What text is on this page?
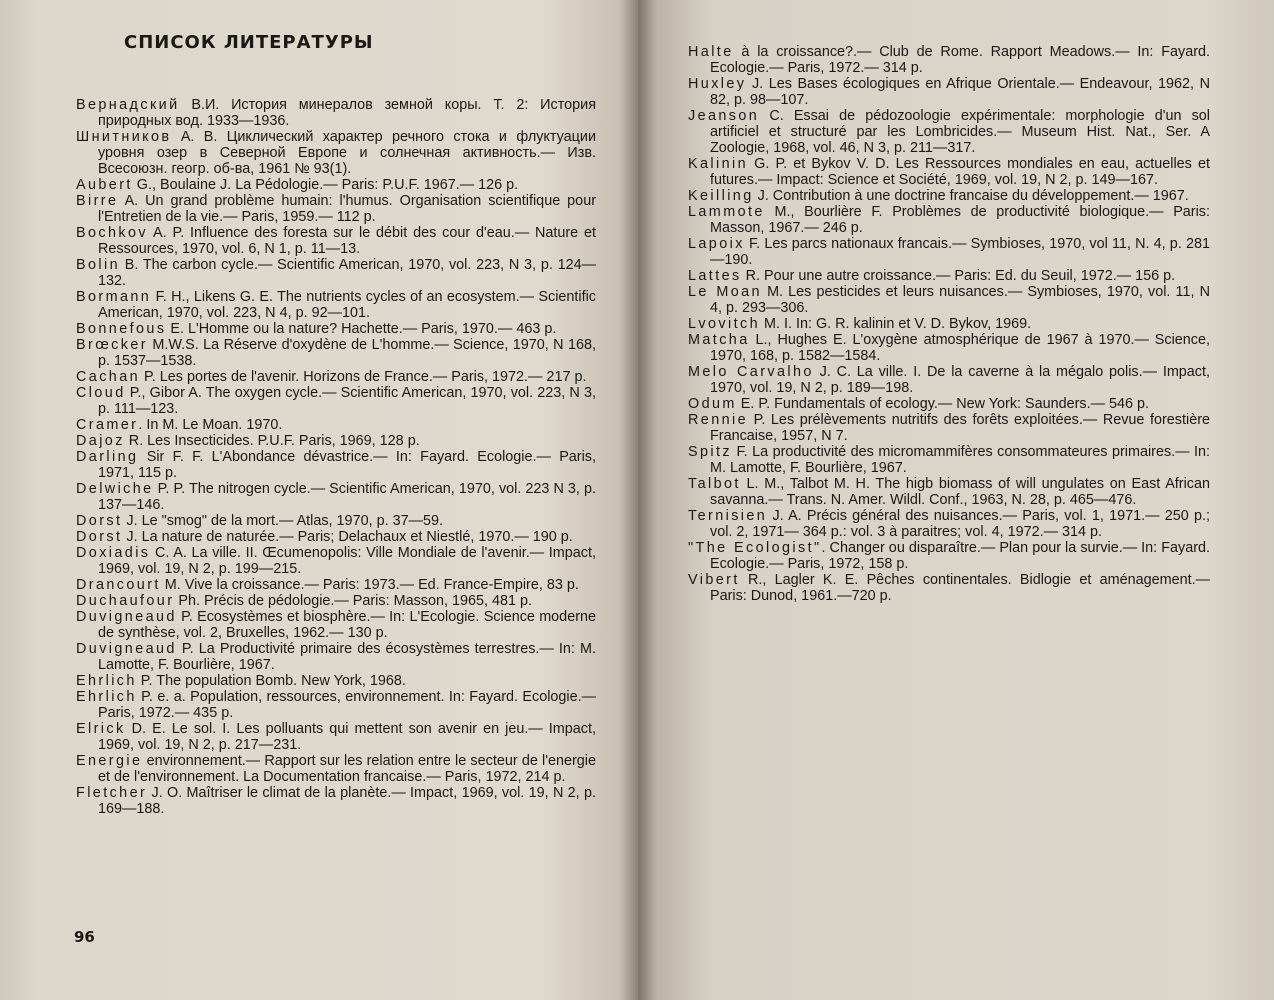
СПИСОК ЛИТЕРАТУРЫ
Вернадский В.И. История минералов земной коры. Т. 2: История природных вод. 1933—1936.
Шнитников А. В. Циклический характер речного стока и флуктуации уровня озер в Северной Европе и солнечная активность.— Изв. Всесоюзн. геогр. об-ва, 1961 № 93(1).
Aubert G., Boulaine J. La Pédologie.— Paris: P.U.F. 1967.— 126 p.
Birre A. Un grand problème humain: l'humus. Organisation scientifique pour l'Entretien de la vie.— Paris, 1959.— 112 p.
Bochkov A. P. Influence des foresta sur le débit des cour d'eau.— Nature et Ressources, 1970, vol. 6, N 1, p. 11—13.
Bolin B. The carbon cycle.— Scientific American, 1970, vol. 223, N 3, p. 124—132.
Bormann F. H., Likens G. E. The nutrients cycles of an ecosystem.— Scientific American, 1970, vol. 223, N 4, p. 92—101.
Bonnefous E. L'Homme ou la nature? Hachette.— Paris, 1970.— 463 p.
Brœcker M.W.S. La Réserve d'oxydène de L'homme.— Science, 1970, N 168, p. 1537—1538.
Cachan P. Les portes de l'avenir. Horizons de France.— Paris, 1972.— 217 p.
Cloud P., Gibor A. The oxygen cycle.— Scientific American, 1970, vol. 223, N 3, p. 111—123.
Cramer. In M. Le Moan. 1970.
Dajoz R. Les Insecticides. P.U.F. Paris, 1969, 128 p.
Darling Sir F. F. L'Abondance dévastrice.— In: Fayard. Ecologie.— Paris, 1971, 115 p.
Delwiche P. P. The nitrogen cycle.— Scientific American, 1970, vol. 223 N 3, p. 137—146.
Dorst J. Le "smog" de la mort.— Atlas, 1970, p. 37—59.
Dorst J. La nature de naturée.— Paris; Delachaux et Niestlé, 1970.— 190 p.
Doxiadis C. A. La ville. II. Œcumenopolis: Ville Mondiale de l'avenir.— Impact, 1969, vol. 19, N 2, p. 199—215.
Drancourt M. Vive la croissance.— Paris: 1973.— Ed. France-Empire, 83 p.
Duchaufour Ph. Précis de pédologie.— Paris: Masson, 1965, 481 p.
Duvigneaud P. Ecosystèmes et biosphère.— In: L'Ecologie. Science moderne de synthèse, vol. 2, Bruxelles, 1962.— 130 p.
Duvigneaud P. La Productivité primaire des écosystèmes terrestres.— In: M. Lamotte, F. Bourlière, 1967.
Ehrlich P. The population Bomb. New York, 1968.
Ehrlich P. e. a. Population, ressources, environnement. In: Fayard. Ecologie.— Paris, 1972.— 435 p.
Elrick D. E. Le sol. I. Les polluants qui mettent son avenir en jeu.— Impact, 1969, vol. 19, N 2, p. 217—231.
Energie environnement.— Rapport sur les relation entre le secteur de l'energie et de l'environnement. La Documentation francaise.— Paris, 1972, 214 p.
Fletcher J. O. Maîtriser le climat de la planète.— Impact, 1969, vol. 19, N 2, p. 169—188.
96
Halte à la croissance?.— Club de Rome. Rapport Meadows.— In: Fayard. Ecologie.— Paris, 1972.— 314 p.
Huxley J. Les Bases écologiques en Afrique Orientale.— Endeavour, 1962, N 82, p. 98—107.
Jeanson C. Essai de pédozoologie expérimentale: morphologie d'un sol artificiel et structuré par les Lombricides.— Museum Hist. Nat., Ser. A Zoologie, 1968, vol. 46, N 3, p. 211—317.
Kalinin G. P. et Bykov V. D. Les Ressources mondiales en eau, actuelles et futures.— Impact: Science et Société, 1969, vol. 19, N 2, p. 149—167.
Keilling J. Contribution à une doctrine francaise du développement.— 1967.
Lammote M., Bourlière F. Problèmes de productivité biologique.— Paris: Masson, 1967.— 246 p.
Lapoix F. Les parcs nationaux francais.— Symbioses, 1970, vol 11, N. 4, p. 281—190.
Lattes R. Pour une autre croissance.— Paris: Ed. du Seuil, 1972.— 156 p.
Le Moan M. Les pesticides et leurs nuisances.— Symbioses, 1970, vol. 11, N 4, p. 293—306.
Lvovitch M. I. In: G. R. kalinin et V. D. Bykov, 1969.
Matcha L., Hughes E. L'oxygène atmosphérique de 1967 à 1970.— Science, 1970, 168, p. 1582—1584.
Melo Carvalho J. C. La ville. I. De la caverne à la mégalo polis.— Impact, 1970, vol. 19, N 2, p. 189—198.
Odum E. P. Fundamentals of ecology.— New York: Saunders.— 546 p.
Rennie P. Les prélèvements nutritifs des forêts exploitées.— Revue forestière Francaise, 1957, N 7.
Spitz F. La productivité des micromammifères consommateures primaires.— In: M. Lamotte, F. Bourlière, 1967.
Talbot L. M., Talbot M. H. The higb biomass of will ungulates on East African savanna.— Trans. N. Amer. Wildl. Conf., 1963, N. 28, p. 465—476.
Ternisien J. A. Précis général des nuisances.— Paris, vol. 1, 1971.— 250 p.; vol. 2, 1971— 364 p.: vol. 3 à paraitres; vol. 4, 1972.— 314 p.
"The Ecologist". Changer ou disparaître.— Plan pour la survie.— In: Fayard. Ecologie.— Paris, 1972, 158 p.
Vibert R., Lagler K. E. Pêches continentales. Bidlogie et aménagement.— Paris: Dunod, 1961.—720 p.
